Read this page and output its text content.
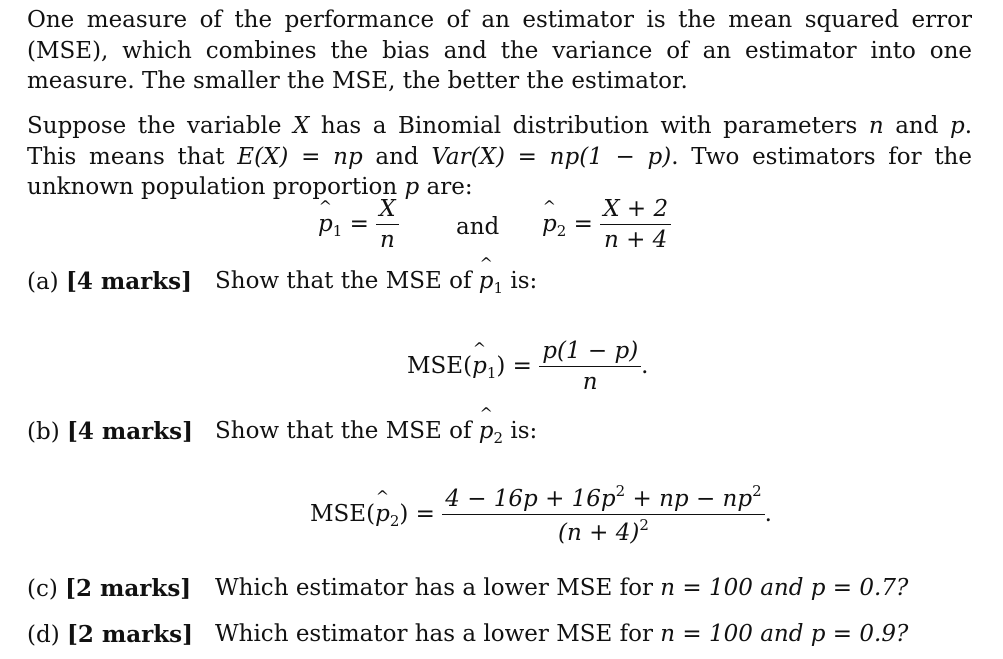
One measure of the performance of an estimator is the mean squared error (MSE), which combines the bias and the variance of an estimator into one measure. The smaller the MSE, the better the estimator.
Suppose the variable X has a Binomial distribution with parameters n and p. This means that E(X) = np and Var(X) = np(1 − p). Two estimators for the unknown population proportion p are:
^ $p_1 = \frac{X}{n}$ and ^ $p_2 = \frac{X + 2}{n + 4}$
(a) [4 marks] Show that the MSE of ^ $p_1$ is:
MSE(^ $p_1) = \frac{p(1 - p)}{n}$ .
(b) [4 marks] Show that the MSE of ^ $p_2$ is:
MSE(^ $p_2) = \frac{4 - 16p + 16p^2 + np - np^2}{(n + 4)^2}$ .
(c) [2 marks] Which estimator has a lower MSE for n = 100 and p = 0.7?
(d) [2 marks] Which estimator has a lower MSE for n = 100 and p = 0.9?
